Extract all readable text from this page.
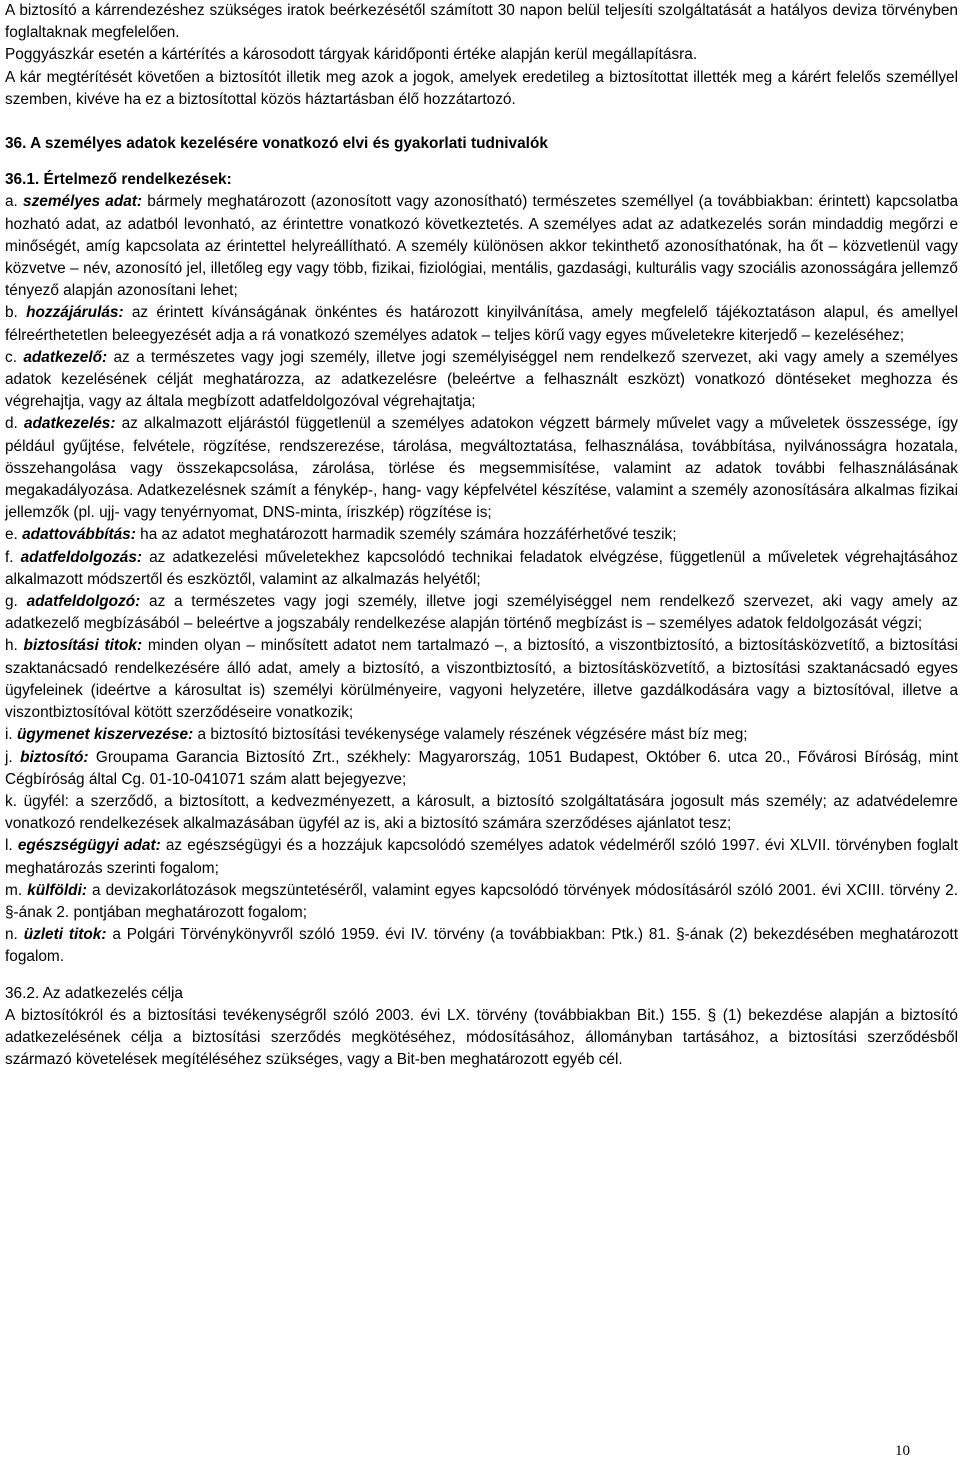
A biztosító a kárrendezéshez szükséges iratok beérkezésétől számított 30 napon belül teljesíti szolgáltatását a hatályos deviza törvényben foglaltaknak megfelelően.

Poggyászkár esetén a kártérítés a károsodott tárgyak káridőponti értéke alapján kerül megállapításra.

A kár megtérítését követően a biztosítót illetik meg azok a jogok, amelyek eredetileg a biztosítottat illették meg a kárért felelős személlyel szemben, kivéve ha ez a biztosítottal közös háztartásban élő hozzátartozó.

36. A személyes adatok kezelésére vonatkozó elvi és gyakorlati tudnivalók

36.1. Értelmező rendelkezések:

a. személyes adat: bármely meghatározott (azonosított vagy azonosítható) természetes személlyel (a továbbiakban: érintett) kapcsolatba hozható adat, az adatból levonható, az érintettre vonatkozó következtetés. A személyes adat az adatkezelés során mindaddig megőrzi e minőségét, amíg kapcsolata az érintettel helyreállítható. A személy különösen akkor tekinthető azonosíthatónak, ha őt – közvetlenül vagy közvetve – név, azonosító jel, illetőleg egy vagy több, fizikai, fiziológiai, mentális, gazdasági, kulturális vagy szociális azonosságára jellemző tényező alapján azonosítani lehet;

b. hozzájárulás: az érintett kívánságának önkéntes és határozott kinyilvánítása, amely megfelelő tájékoztatáson alapul, és amellyel félreérthetetlen beleegyezését adja a rá vonatkozó személyes adatok – teljes körű vagy egyes műveletekre kiterjedő – kezeléséhez;

c. adatkezelő: az a természetes vagy jogi személy, illetve jogi személyiséggel nem rendelkező szervezet, aki vagy amely a személyes adatok kezelésének célját meghatározza, az adatkezelésre (beleértve a felhasznált eszközt) vonatkozó döntéseket meghozza és végrehajtja, vagy az általa megbízott adatfeldolgozóval végrehajtatja;

d. adatkezelés: az alkalmazott eljárástól függetlenül a személyes adatokon végzett bármely művelet vagy a műveletek összessége, így például gyűjtése, felvétele, rögzítése, rendszerezése, tárolása, megváltoztatása, felhasználása, továbbítása, nyilvánosságra hozatala, összehangolása vagy összekapcsolása, zárolása, törlése és megsemmisítése, valamint az adatok további felhasználásának megakadályozása. Adatkezelésnek számít a fénykép-, hang- vagy képfelvétel készítése, valamint a személy azonosítására alkalmas fizikai jellemzők (pl. ujj- vagy tenyérnyomat, DNS-minta, íriszkép) rögzítése is;

e. adattovábbítás: ha az adatot meghatározott harmadik személy számára hozzáférhetővé teszik;

f. adatfeldolgozás: az adatkezelési műveletekhez kapcsolódó technikai feladatok elvégzése, függetlenül a műveletek végrehajtásához alkalmazott módszertől és eszköztől, valamint az alkalmazás helyétől;

g. adatfeldolgozó: az a természetes vagy jogi személy, illetve jogi személyiséggel nem rendelkező szervezet, aki vagy amely az adatkezelő megbízásából – beleértve a jogszabály rendelkezése alapján történő megbízást is – személyes adatok feldolgozását végzi;

h. biztosítási titok: minden olyan – minősített adatot nem tartalmazó –, a biztosító, a viszontbiztosító, a biztosításközvetítő, a biztosítási szaktanácsadó rendelkezésére álló adat, amely a biztosító, a viszontbiztosító, a biztosításközvetítő, a biztosítási szaktanácsadó egyes ügyfeleinek (ideértve a károsultat is) személyi körülményeire, vagyoni helyzetére, illetve gazdálkodására vagy a biztosítóval, illetve a viszontbiztosítóval kötött szerződéseire vonatkozik;

i. ügymenet kiszervezése: a biztosító biztosítási tevékenysége valamely részének végzésére mást bíz meg;

j. biztosító: Groupama Garancia Biztosító Zrt., székhely: Magyarország, 1051 Budapest, Október 6. utca 20., Fővárosi Bíróság, mint Cégbíróság által Cg. 01-10-041071 szám alatt bejegyezve;

k. ügyfél: a szerződő, a biztosított, a kedvezményezett, a károsult, a biztosító szolgáltatására jogosult más személy; az adatvédelemre vonatkozó rendelkezések alkalmazásában ügyfél az is, aki a biztosító számára szerződéses ajánlatot tesz;

l. egészségügyi adat: az egészségügyi és a hozzájuk kapcsolódó személyes adatok védelméről szóló 1997. évi XLVII. törvényben foglalt meghatározás szerinti fogalom;

m. külföldi: a devizakorlátozások megszüntetéséről, valamint egyes kapcsolódó törvények módosításáról szóló 2001. évi XCIII. törvény 2. §-ának 2. pontjában meghatározott fogalom;

n. üzleti titok: a Polgári Törvénykönyvről szóló 1959. évi IV. törvény (a továbbiakban: Ptk.) 81. §-ának (2) bekezdésében meghatározott fogalom.

36.2. Az adatkezelés célja

A biztosítókról és a biztosítási tevékenységről szóló 2003. évi LX. törvény (továbbiakban Bit.) 155. § (1) bekezdése alapján a biztosító adatkezelésének célja a biztosítási szerződés megkötéséhez, módosításához, állományban tartásához, a biztosítási szerződésből származó követelések megítéléséhez szükséges, vagy a Bit-ben meghatározott egyéb cél.

10
